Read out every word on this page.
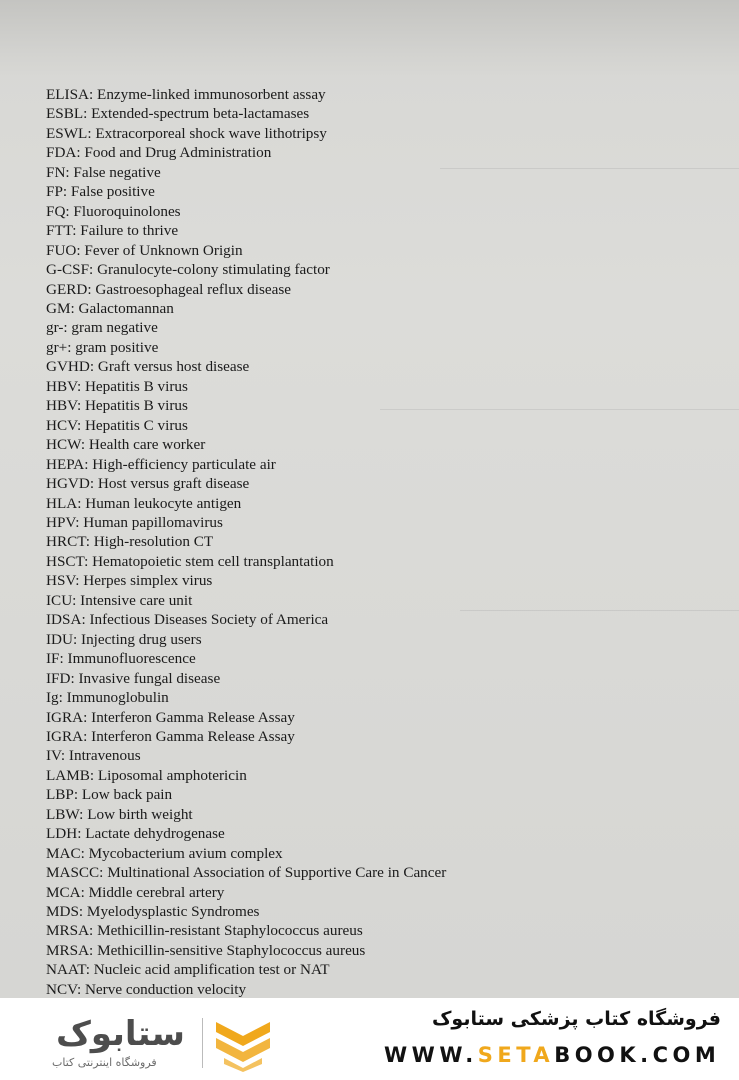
ELISA: Enzyme-linked immunosorbent assay
ESBL: Extended-spectrum beta-lactamases
ESWL: Extracorporeal shock wave lithotripsy
FDA: Food and Drug Administration
FN: False negative
FP: False positive
FQ: Fluoroquinolones
FTT: Failure to thrive
FUO: Fever of Unknown Origin
G-CSF: Granulocyte-colony stimulating factor
GERD: Gastroesophageal reflux disease
GM: Galactomannan
gr-: gram negative
gr+: gram positive
GVHD: Graft versus host disease
HBV: Hepatitis B virus
HBV: Hepatitis B virus
HCV: Hepatitis C virus
HCW: Health care worker
HEPA: High-efficiency particulate air
HGVD: Host versus graft disease
HLA: Human leukocyte antigen
HPV: Human papillomavirus
HRCT: High-resolution CT
HSCT: Hematopoietic stem cell transplantation
HSV: Herpes simplex virus
ICU: Intensive care unit
IDSA: Infectious Diseases Society of America
IDU: Injecting drug users
IF: Immunofluorescence
IFD: Invasive fungal disease
Ig: Immunoglobulin
IGRA: Interferon Gamma Release Assay
IGRA: Interferon Gamma Release Assay
IV: Intravenous
LAMB: Liposomal amphotericin
LBP: Low back pain
LBW: Low birth weight
LDH: Lactate dehydrogenase
MAC: Mycobacterium avium complex
MASCC: Multinational Association of Supportive Care in Cancer
MCA: Middle cerebral artery
MDS: Myelodysplastic Syndromes
MRSA: Methicillin-resistant Staphylococcus aureus
MRSA: Methicillin-sensitive Staphylococcus aureus
NAAT: Nucleic acid amplification test or NAT
NCV: Nerve conduction velocity
ستابوک
فروشگاه اینترنتی کتاب
فروشگاه کتاب پزشکی ستابوک
WWW.SETABOOK.COM
